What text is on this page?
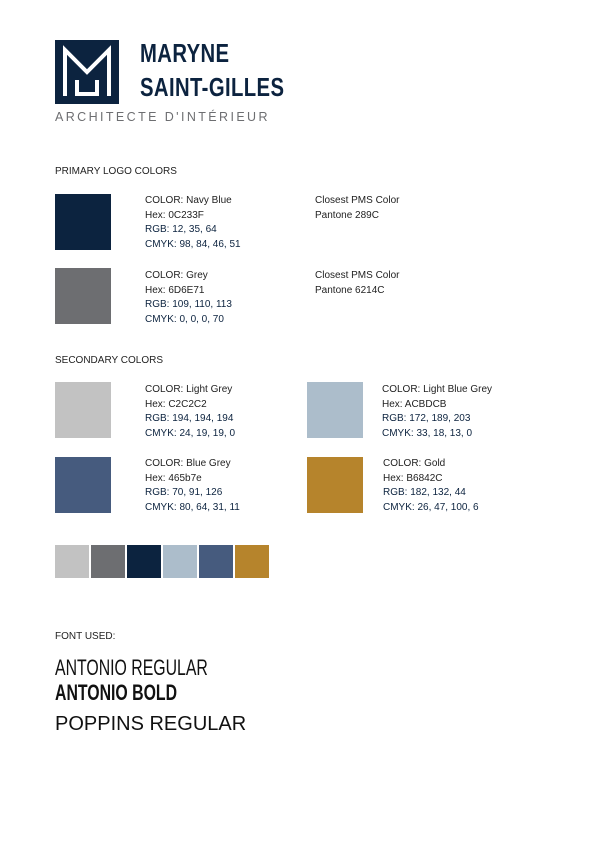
MARYNE
SAINT-GILLES
ARCHITECTE D'INTÉRIEUR
PRIMARY LOGO COLORS
COLOR: Navy Blue
Hex: 0C233F
RGB: 12, 35, 64
CMYK: 98, 84, 46, 51
Closest PMS Color
Pantone 289C
COLOR: Grey
Hex: 6D6E71
RGB: 109, 110, 113
CMYK: 0, 0, 0, 70
Closest PMS Color
Pantone 6214C
SECONDARY COLORS
COLOR: Light Grey
Hex: C2C2C2
RGB: 194, 194, 194
CMYK: 24, 19, 19, 0
COLOR: Light Blue Grey
Hex: ACBDCB
RGB: 172, 189, 203
CMYK: 33, 18, 13, 0
COLOR: Blue Grey
Hex: 465b7e
RGB: 70, 91, 126
CMYK: 80, 64, 31, 11
COLOR: Gold
Hex: B6842C
RGB: 182, 132, 44
CMYK: 26, 47, 100, 6
FONT USED:
ANTONIO REGULAR
ANTONIO BOLD
POPPINS REGULAR
